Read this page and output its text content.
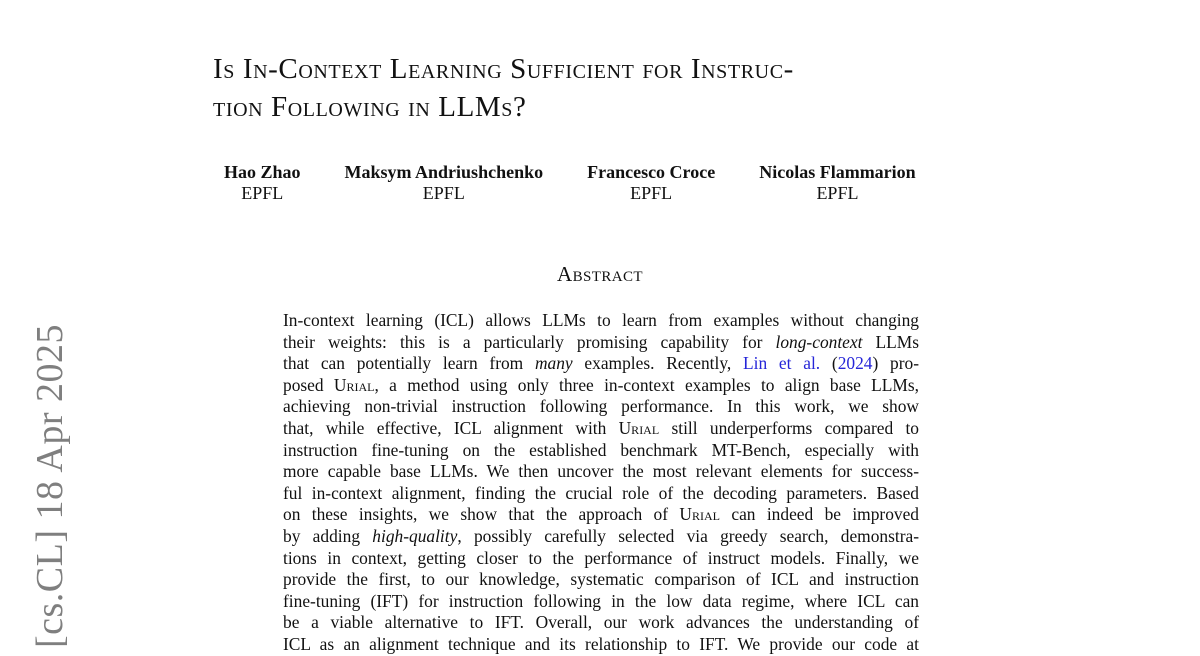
Is In-Context Learning Sufficient for Instruc-
tion Following in LLMs?
Hao Zhao
EPFL
Maksym Andriushchenko
EPFL
Francesco Croce
EPFL
Nicolas Flammarion
EPFL
Abstract

In-context learning (ICL) allows LLMs to learn from examples without changing
their weights: this is a particularly promising capability for long-context LLMs
that can potentially learn from many examples. Recently, Lin et al. (2024) pro-
posed Urial, a method using only three in-context examples to align base LLMs,
achieving non-trivial instruction following performance. In this work, we show
that, while effective, ICL alignment with Urial still underperforms compared to
instruction fine-tuning on the established benchmark MT-Bench, especially with
more capable base LLMs. We then uncover the most relevant elements for success-
ful in-context alignment, finding the crucial role of the decoding parameters. Based
on these insights, we show that the approach of Urial can indeed be improved
by adding high-quality, possibly carefully selected via greedy search, demonstra-
tions in context, getting closer to the performance of instruct models. Finally, we
provide the first, to our knowledge, systematic comparison of ICL and instruction
fine-tuning (IFT) for instruction following in the low data regime, where ICL can
be a viable alternative to IFT. Overall, our work advances the understanding of
ICL as an alignment technique and its relationship to IFT. We provide our code at

[cs.CL] 18 Apr 2025
